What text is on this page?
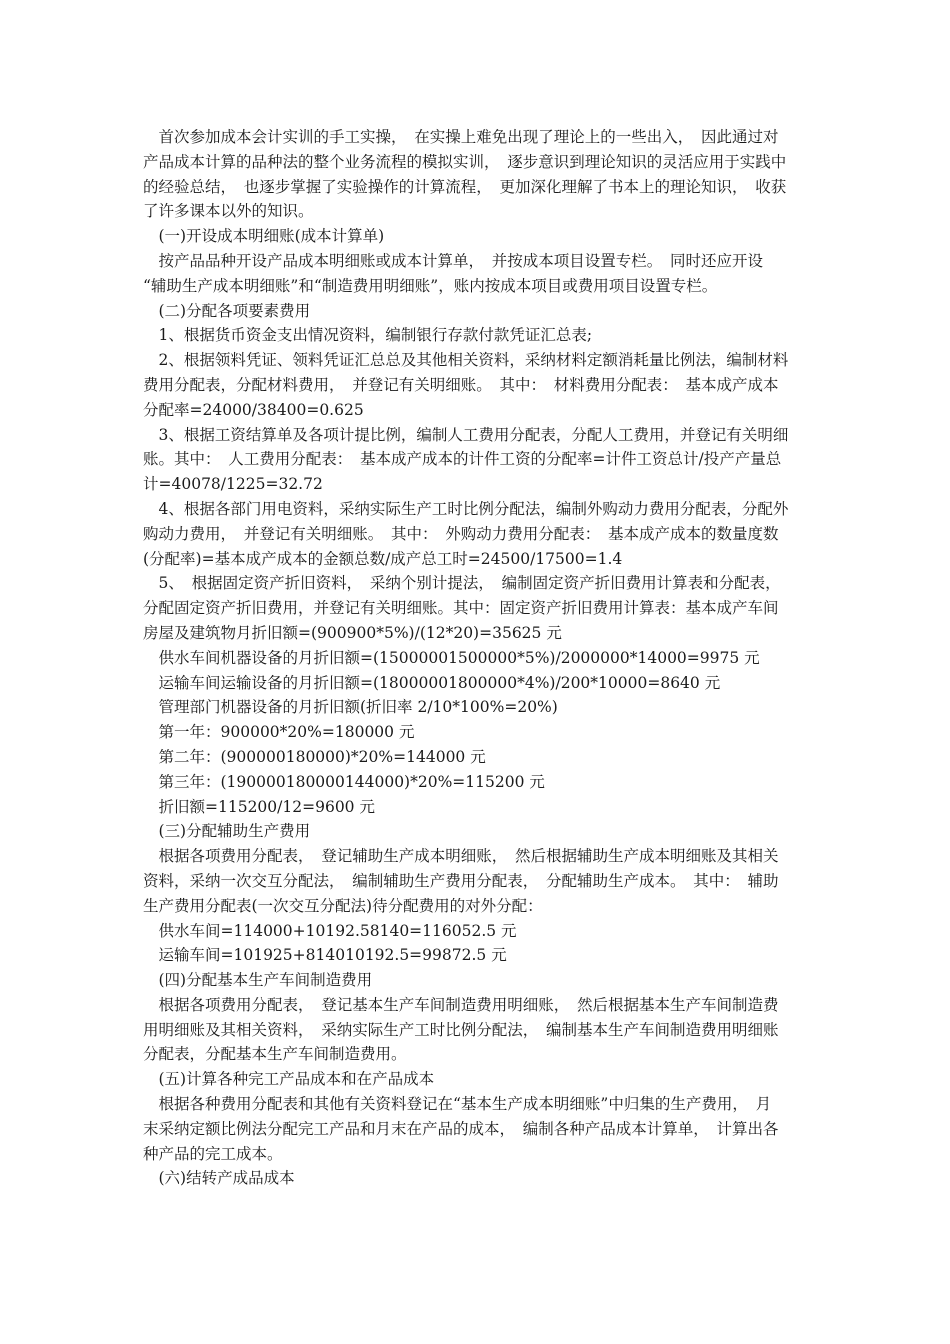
　首次参加成本会计实训的手工实操，　在实操上难免出现了理论上的一些出入，　因此通过对
产品成本计算的品种法的整个业务流程的模拟实训，　逐步意识到理论知识的灵活应用于实践中
的经验总结，　也逐步掌握了实验操作的计算流程，　更加深化理解了书本上的理论知识，　收获
了许多课本以外的知识。
　(一)开设成本明细账(成本计算单)
　按产品品种开设产品成本明细账或成本计算单，　并按成本项目设置专栏。　同时还应开设
“辅助生产成本明细账”和“制造费用明细账”，账内按成本项目或费用项目设置专栏。
　(二)分配各项要素费用
　1、根据货币资金支出情况资料，编制银行存款付款凭证汇总表;
　2、根据领料凭证、领料凭证汇总总及其他相关资料，采纳材料定额消耗量比例法，编制材料
费用分配表，分配材料费用，　并登记有关明细账。　其中：　材料费用分配表：　基本成产成本
分配率=24000/38400=0.625
　3、根据工资结算单及各项计提比例，编制人工费用分配表，分配人工费用，并登记有关明细
账。其中：　人工费用分配表：　基本成产成本的计件工资的分配率=计件工资总计/投产产量总
计=40078/1225=32.72
　4、根据各部门用电资料，采纳实际生产工时比例分配法，编制外购动力费用分配表，分配外
购动力费用，　并登记有关明细账。　其中：　外购动力费用分配表：　基本成产成本的数量度数
(分配率)=基本成产成本的金额总数/成产总工时=24500/17500=1.4
　5、　根据固定资产折旧资料，　采纳个别计提法，　编制固定资产折旧费用计算表和分配表，
分配固定资产折旧费用，并登记有关明细账。其中：固定资产折旧费用计算表：基本成产车间
房屋及建筑物月折旧额=(900900*5%)/(12*20)=35625 元
　供水车间机器设备的月折旧额=(15000001500000*5%)/2000000*14000=9975 元
　运输车间运输设备的月折旧额=(18000001800000*4%)/200*10000=8640 元
　管理部门机器设备的月折旧额(折旧率 2/10*100%=20%)
　第一年：900000*20%=180000 元
　第二年：(900000180000)*20%=144000 元
　第三年：(190000180000144000)*20%=115200 元
　折旧额=115200/12=9600 元
　(三)分配辅助生产费用
　根据各项费用分配表，　登记辅助生产成本明细账，　然后根据辅助生产成本明细账及其相关
资料，采纳一次交互分配法，　编制辅助生产费用分配表，　分配辅助生产成本。　其中：　辅助
生产费用分配表(一次交互分配法)待分配费用的对外分配：
　供水车间=114000+10192.58140=116052.5 元
　运输车间=101925+814010192.5=99872.5 元
　(四)分配基本生产车间制造费用
　根据各项费用分配表，　登记基本生产车间制造费用明细账，　然后根据基本生产车间制造费
用明细账及其相关资料，　采纳实际生产工时比例分配法，　编制基本生产车间制造费用明细账
分配表，分配基本生产车间制造费用。
　(五)计算各种完工产品成本和在产品成本
　根据各种费用分配表和其他有关资料登记在“基本生产成本明细账”中归集的生产费用，　月
末采纳定额比例法分配完工产品和月末在产品的成本，　编制各种产品成本计算单，　计算出各
种产品的完工成本。
　(六)结转产成品成本
